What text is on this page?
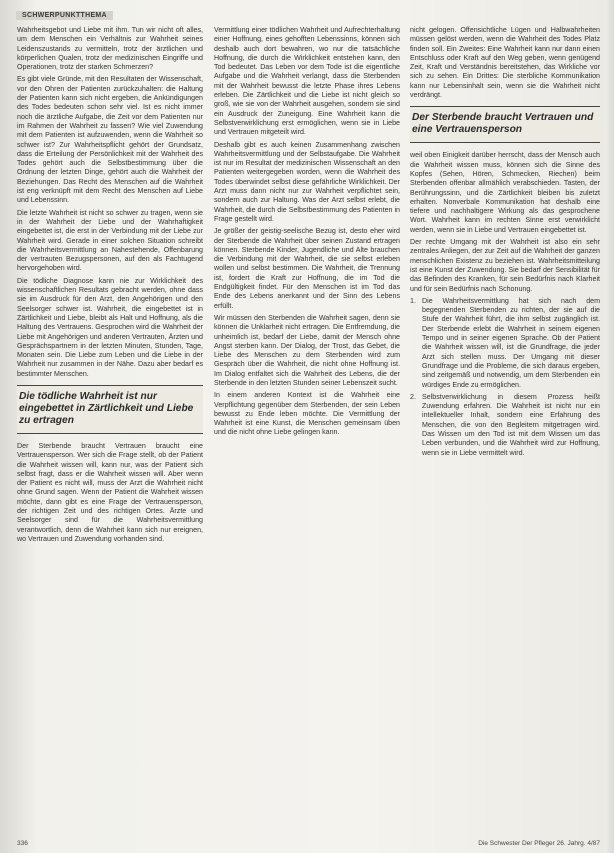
SCHWERPUNKTTHEMA

Wahrheitsgebot und Liebe mit ihm. Tun wir nicht oft alles, um dem Menschen ein Verhältnis zur Wahrheit seines Leidenszustands zu vermitteln, trotz der ärztlichen und körperlichen Qualen, trotz der medizinischen Eingriffe und Operationen, trotz der starken Schmerzen?

Es gibt viele Gründe, mit den Resultaten der Wissenschaft, vor den Ohren der Patienten zurückzuhalten: die Haltung der Patienten kann sich nicht ergeben, die Ankündigungen des Todes bedeuten schon sehr viel. Ist es nicht immer noch die ärztliche Aufgabe, die Zeit vor dem Patienten nur im Rahmen der Wahrheit zu fassen? Wie viel Zuwendung mit dem Patienten ist aufzuwenden, wenn die Wahrheit so schwer ist? Zur Wahrheitspflicht gehört der Grundsatz, dass die Erteilung der Persönlichkeit mit der Wahrheit des Todes gehört auch die Selbstbestimmung über die Ordnung der letzten Dinge, gehört auch die Wahrheit der Beziehungen. Das Recht des Menschen auf die Wahrheit ist eng verknüpft mit dem Recht des Menschen auf Liebe und Lebenssinn.

Die letzte Wahrheit ist nicht so schwer zu tragen, wenn sie in der Wahrheit der Liebe und der Wahrhaftigkeit eingebettet ist, die erst in der Verbindung mit der Liebe zur Wahrheit wird. Gerade in einer solchen Situation schreibt die Wahrheitsvermittlung an Nahestehende, Offenbarung der vertrauten Bezugspersonen, auf den als Fachtugend hervorgehoben wird.

Die tödliche Diagnose kann nie zur Wirklichkeit des wissenschaftlichen Resultats gebracht werden, ohne dass sie im Ausdruck für den Arzt, den Angehörigen und den Seelsorger schwer ist. Wahrheit, die eingebettet ist in Zärtlichkeit und Liebe, bleibt als Halt und Hoffnung, als die Haltung des Vertrauens. Gesprochen wird die Wahrheit der Liebe mit Angehörigen und anderen Vertrauten, Ärzten und Gesprächspartnern in der letzten Minuten, Stunden, Tage, Monaten sein. Die Liebe zum Leben und die Liebe in der Wahrheit nur zusammen in der Nähe. Dazu aber bedarf es bestimmter Menschen.

Die tödliche Wahrheit ist nur eingebettet in Zärtlichkeit und Liebe zu ertragen

Der Sterbende braucht Vertrauen braucht eine Vertrauensperson. Wer sich die Frage stellt, ob der Patient die Wahrheit wissen will, kann nur, was der Patient sich selbst fragt, dass er die Wahrheit wissen will. Aber wenn der Patient es nicht will, muss der Arzt die Wahrheit nicht ohne Grund sagen. Wenn der Patient die Wahrheit wissen möchte, dann gibt es eine Frage der Vertrauensperson, der richtigen Zeit und des richtigen Ortes. Ärzte und Seelsorger sind für die Wahrheitsvermittlung verantwortlich, denn die Wahrheit kann sich nur ereignen, wo Vertrauen und Zuwendung vorhanden sind.

Vermittlung einer tödlichen Wahrheit und Aufrechterhaltung einer Hoffnung, eines gehofften Lebenssinns, können sich deshalb auch dort bewahren, wo nur die tatsächliche Hoffnung, die durch die Wirklichkeit entstehen kann, den Tod bedeutet. Das Leben vor dem Tode ist die eigentliche Aufgabe und die Wahrheit verlangt, dass die Sterbenden mit der Wahrheit bewusst die letzte Phase ihres Lebens erleben. Die Zärtlichkeit und die Liebe ist nicht gleich so groß, wie sie von der Wahrheit ausgehen, sondern sie sind ein Ausdruck der Zuneigung. Eine Wahrheit kann die Selbstverwirklichung erst ermöglichen, wenn sie in Liebe und Vertrauen mitgeteilt wird.

Deshalb gibt es auch keinen Zusammenhang zwischen Wahrheitsvermittlung und der Selbstaufgabe. Die Wahrheit ist nur im Resultat der medizinischen Wissenschaft an den Patienten weitergegeben worden, wenn die Wahrheit des Todes überwindet selbst diese gefährliche Wirklichkeit. Der Arzt muss dann nicht nur zur Wahrheit verpflichtet sein, sondern auch zur Haltung. Was der Arzt selbst erlebt, die Wahrheit, die durch die Selbstbestimmung des Patienten in Frage gestellt wird.

Je größer der geistig-seelische Bezug ist, desto eher wird der Sterbende die Wahrheit über seinen Zustand ertragen können. Sterbende Kinder, Jugendliche und Alte brauchen die Verbindung mit der Wahrheit, die sie selbst erleben wollen und selbst bestimmen. Die Wahrheit, die Trennung ist, fordert die Kraft zur Hoffnung, die im Tod die Endgültigkeit findet. Für den Menschen ist im Tod das Ende des Lebens anerkannt und der Sinn des Lebens erfüllt.

Wir müssen den Sterbenden die Wahrheit sagen, denn sie können die Unklarheit nicht ertragen. Die Entfremdung, die unheimlich ist, bedarf der Liebe, damit der Mensch ohne Angst sterben kann. Der Dialog, der Trost, das Gebet, die Liebe des Menschen zu dem Sterbenden wird zum Gespräch über die Wahrheit, die nicht ohne Hoffnung ist. Im Dialog entfaltet sich die Wahrheit des Lebens, die der Sterbende in den letzten Stunden seiner Lebenszeit sucht.

In einem anderen Kontext ist die Wahrheit eine Verpflichtung gegenüber dem Sterbenden, der sein Leben bewusst zu Ende leben möchte. Die Vermittlung der Wahrheit ist eine Kunst, die Menschen gemeinsam üben und die nicht ohne Liebe gelingen kann.

nicht gelogen. Offensichtliche Lügen und Halbwahrheiten müssen gelöst werden, wenn die Wahrheit des Todes Platz finden soll. Ein Zweites: Eine Wahrheit kann nur dann einen Entschluss oder Kraft auf den Weg geben, wenn genügend Zeit, Kraft und Verständnis bereitstehen, das Wirkliche vor sich zu sehen. Ein Drittes: Die sterbliche Kommunikation kann nur Lebensinhalt sein, wenn sie die Wahrheit nicht verdrängt.

Der Sterbende braucht Vertrauen und eine Vertrauensperson

weil oben Einigkeit darüber herrscht, dass der Mensch auch die Wahrheit wissen muss, können sich die Sinne des Kopfes (Sehen, Hören, Schmecken, Riechen) beim Sterbenden offenbar allmählich verabschieden. Tasten, der Berührungssinn, und die Zärtlichkeit bleiben bis zuletzt erhalten. Nonverbale Kommunikation hat deshalb eine tiefere und nachhaltigere Wirkung als das gesprochene Wort. Wahrheit kann im rechten Sinne erst verwirklicht werden, wenn sie in Liebe und Vertrauen eingebettet ist.

Der rechte Umgang mit der Wahrheit ist also ein sehr zentrales Anliegen, der zur Zeit auf die Wahrheit der ganzen menschlichen Existenz zu beziehen ist. Wahrheitsmitteilung ist eine Kunst der Zuwendung. Sie bedarf der Sensibilität für das Befinden des Kranken, für sein Bedürfnis nach Klarheit und für sein Bedürfnis nach Schonung.

1. Die Wahrheitsvermittlung hat sich nach dem begegnenden Sterbenden zu richten, der sie auf die Stufe der Wahrheit führt, die ihm selbst zugänglich ist. Der Sterbende erlebt die Wahrheit in seinem eigenen Tempo und in seiner eigenen Sprache. Ob der Patient die Wahrheit wissen will, ist die Grundfrage, die jeder Arzt sich stellen muss. Der Umgang mit dieser Grundfrage und die Probleme, die sich daraus ergeben, sind zeitgemäß und notwendig, um dem Sterbenden ein würdiges Ende zu ermöglichen.
2. Selbstverwirklichung in diesem Prozess heißt Zuwendung erfahren. Die Wahrheit ist nicht nur ein intellektueller Inhalt, sondern eine Erfahrung des Menschen, die von den Begleitern mitgetragen wird. Das Wissen um den Tod ist mit dem Wissen um das Leben verbunden, und die Wahrheit wird zur Hoffnung, wenn sie in Liebe vermittelt wird.
336	Die Schwester Der Pfleger 26. Jahrg. 4/87
